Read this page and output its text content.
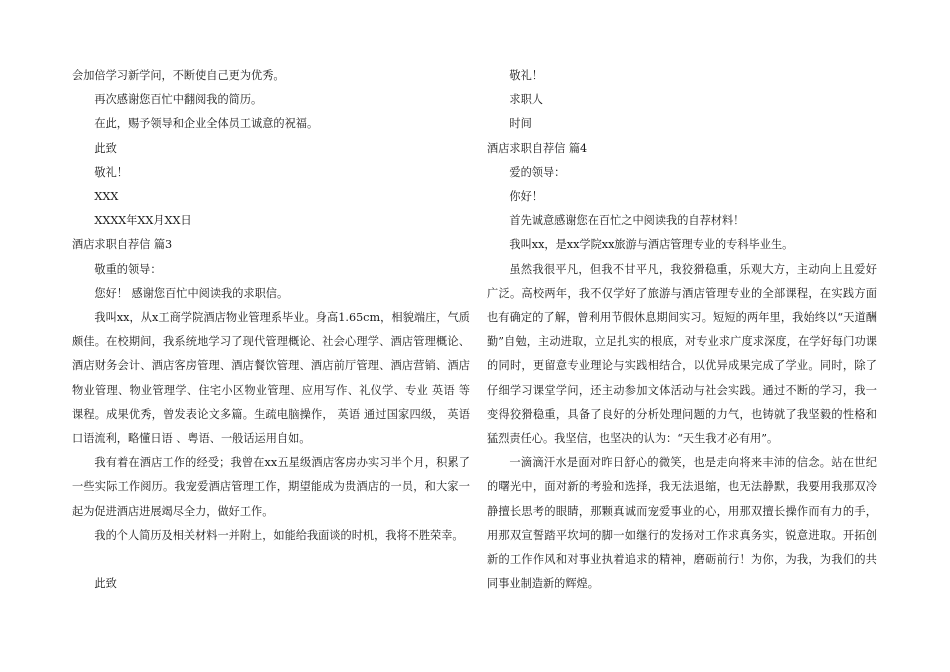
会加倍学习新学问，不断使自己更为优秀。

再次感谢您百忙中翻阅我的简历。

在此，赐予领导和企业全体员工诚意的祝福。

此致

敬礼！

XXX

XXXX年XX月XX日

酒店求职自荐信 篇3

敬重的领导：

您好！ 感谢您百忙中阅读我的求职信。

我叫xx，从x工商学院酒店物业管理系毕业。身高1.65cm，相貌端庄，气质颇佳。在校期间，我系统地学习了现代管理概论、社会心理学、酒店管理概论、酒店财务会计、酒店客房管理、酒店餐饮管理、酒店前厅管理、酒店营销、酒店物业管理、物业管理学、住宅小区物业管理、应用写作、礼仪学、专业 英语 等课程。成果优秀，曾发表论文多篇。生疏电脑操作， 英语 通过国家四级， 英语 口语流利，略懂日语 、粤语、一般话运用自如。

我有着在酒店工作的经受；我曾在xx五星级酒店客房办实习半个月，积累了一些实际工作阅历。我宠爱酒店管理工作，期望能成为贵酒店的一员，和大家一起为促进酒店进展竭尽全力，做好工作。

我的个人简历及相关材料一并附上，如能给我面谈的时机，我将不胜荣幸。

此致

敬礼！

求职人

时间

酒店求职自荐信 篇4

爱的领导：

你好！

首先诚意感谢您在百忙之中阅读我的自荐材料！

我叫xx，是xx学院xx旅游与酒店管理专业的专科毕业生。

虽然我很平凡，但我不甘平凡，我狡猾稳重，乐观大方，主动向上且爱好广泛。高校两年，我不仅学好了旅游与酒店管理专业的全部课程，在实践方面也有确定的了解，曾利用节假休息期间实习。短短的两年里，我始终以“天道酬勤”自勉，主动进取，立足扎实的根底，对专业求广度求深度，在学好每门功课的同时，更留意专业理论与实践相结合，以优异成果完成了学业。同时，除了仔细学习课堂学问，还主动参加文体活动与社会实践。通过不断的学习，我一变得狡猾稳重，具备了良好的分析处理问题的力气，也铸就了我坚毅的性格和猛烈责任心。我坚信，也坚决的认为：“天生我才必有用”。

一滴滴汗水是面对昨日舒心的微笑，也是走向将来丰沛的信念。站在世纪的曙光中，面对新的考验和选择，我无法退缩，也无法静默，我要用我那双冷静擅长思考的眼睛，那颗真诚而宠爱事业的心，用那双擅长操作而有力的手，用那双宣誓踏平坎坷的脚一如继行的发扬对工作求真务实，锐意进取。开拓创新的工作作风和对事业执着追求的精神，磨砺前行！为你，为我，为我们的共同事业制造新的辉煌。
